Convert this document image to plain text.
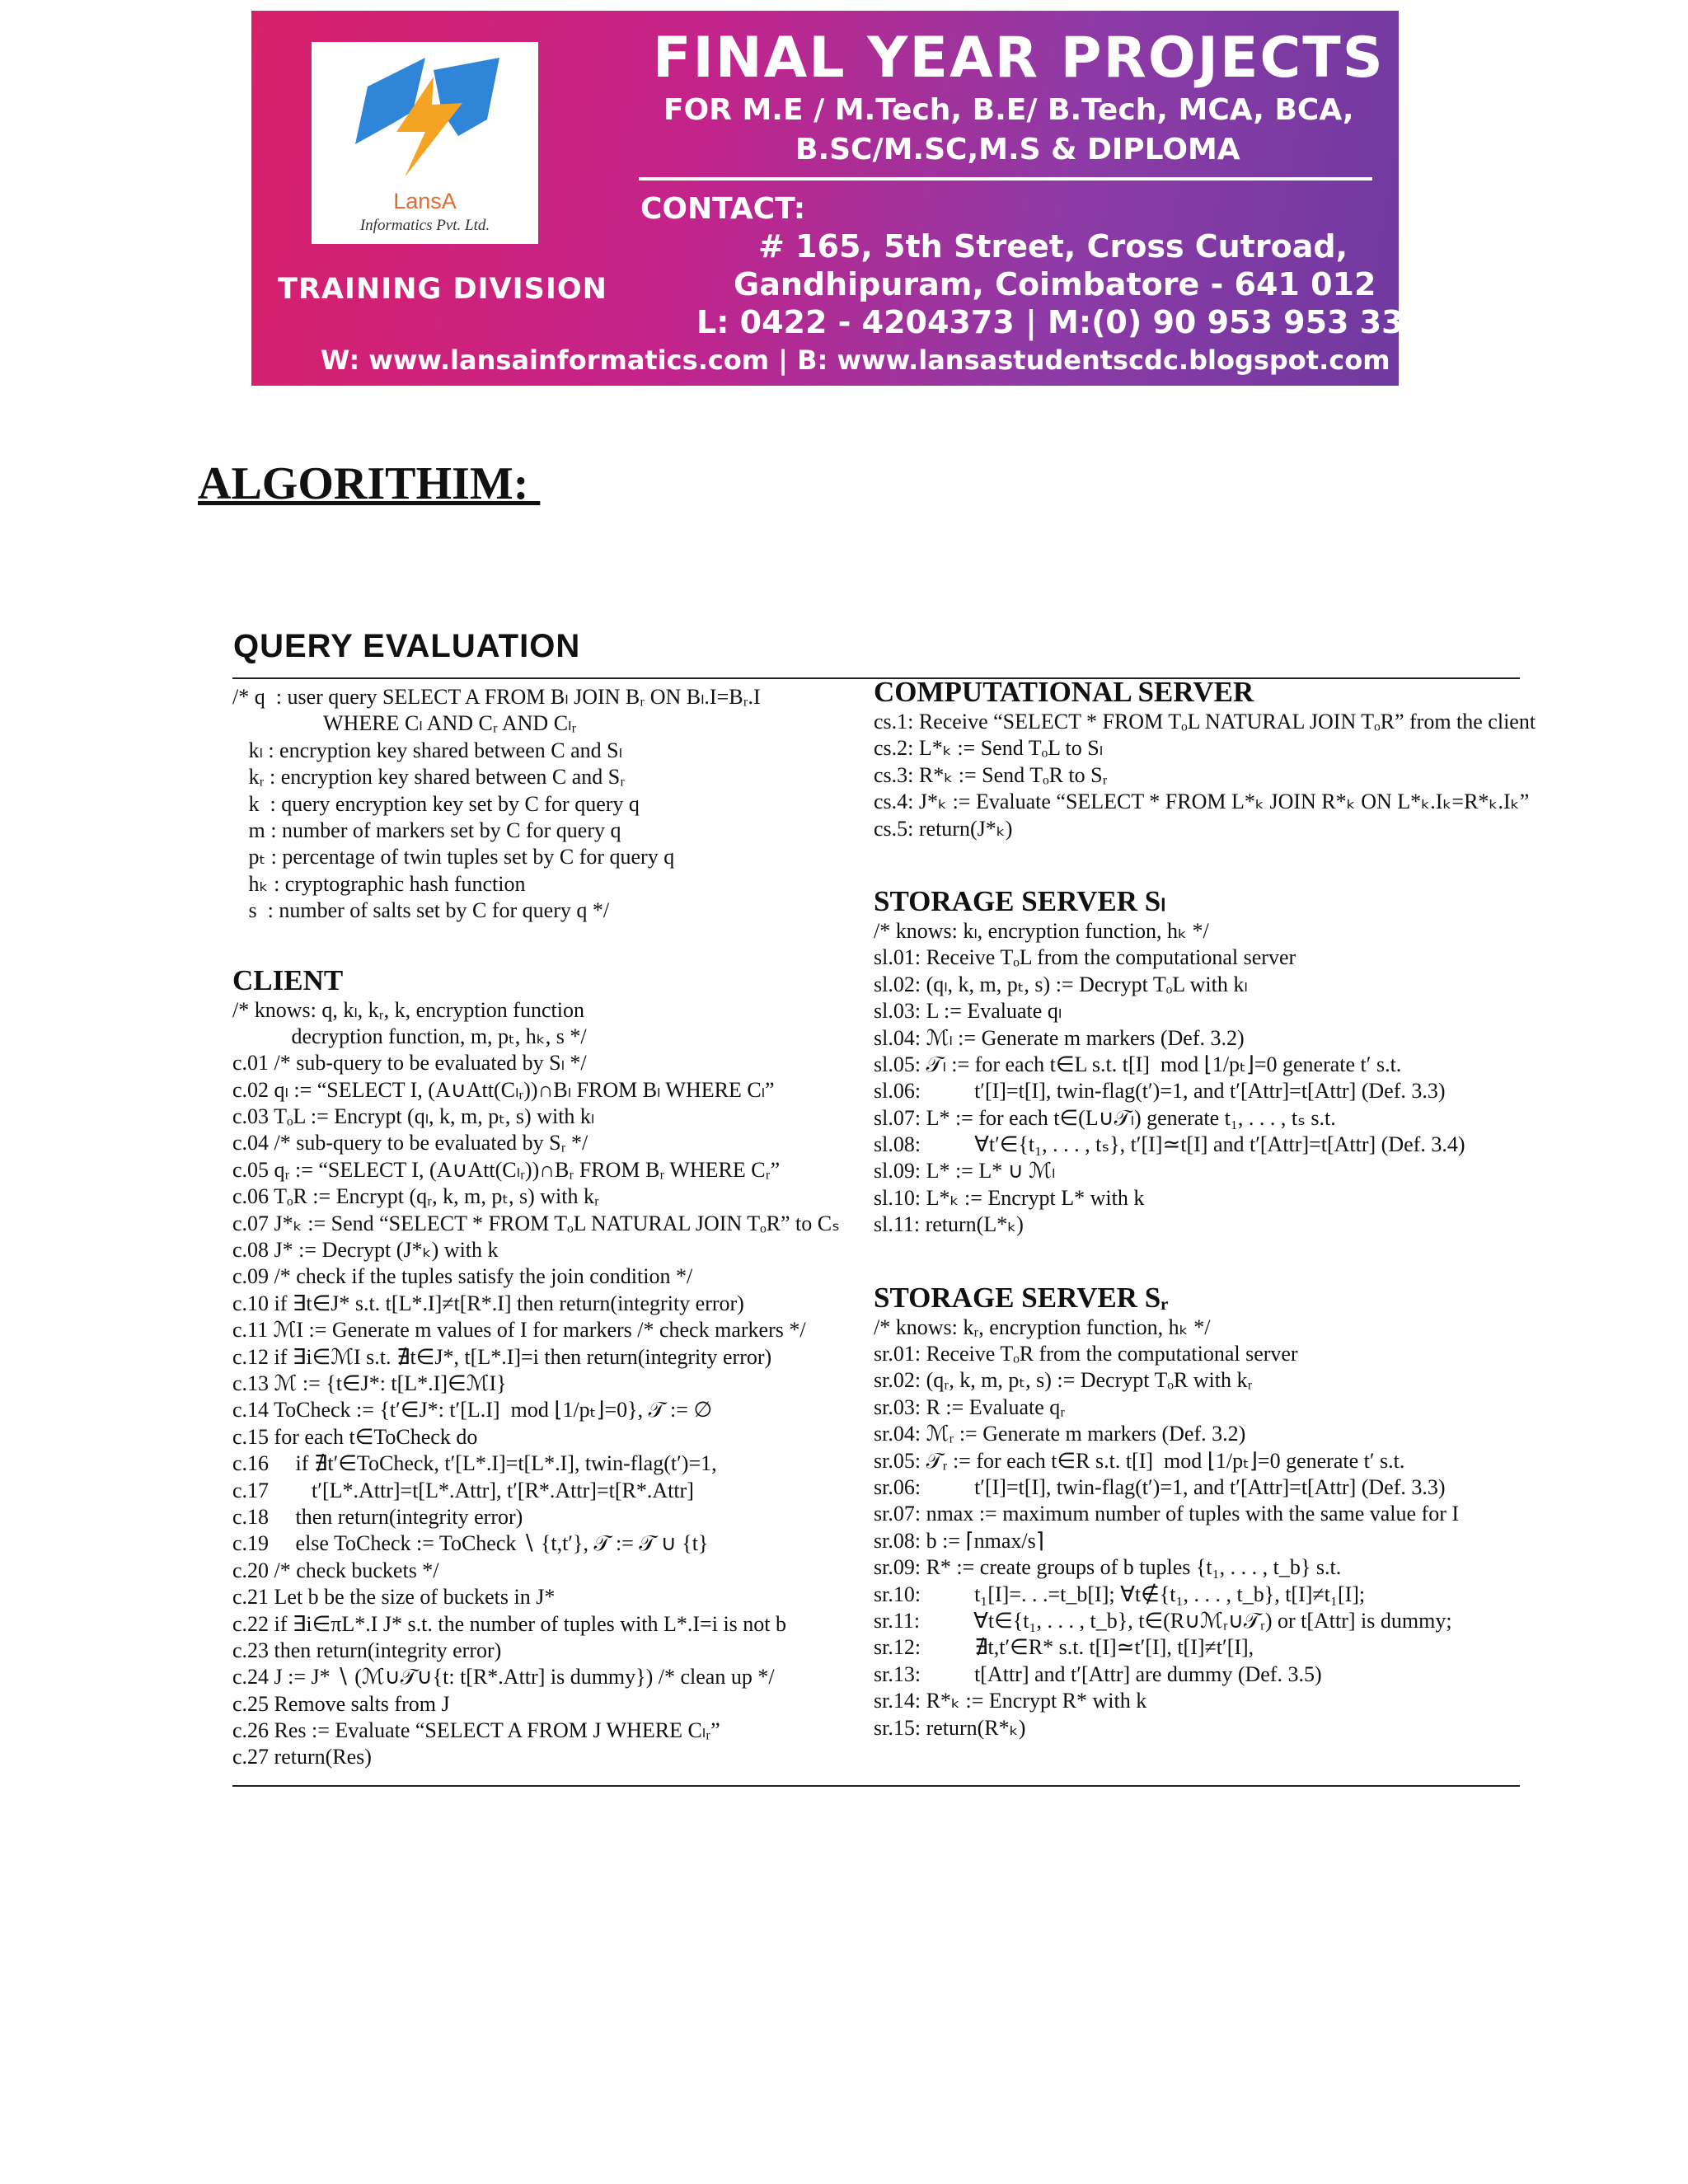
LansA
Informatics Pvt. Ltd.
TRAINING DIVISION
FINAL YEAR PROJECTS
FOR M.E / M.Tech, B.E/ B.Tech, MCA, BCA,
B.SC/M.SC,M.S & DIPLOMA
CONTACT:
# 165, 5th Street, Cross Cutroad,
Gandhipuram, Coimbatore - 641 012
L: 0422 - 4204373 | M:(0) 90 953 953 33
W: www.lansainformatics.com | B: www.lansastudentscdc.blogspot.com
ALGORITHIM:
QUERY EVALUATION
/* q  : user query SELECT A FROM Bₗ JOIN Bᵣ ON Bₗ.I=Bᵣ.I
WHERE Cₗ AND Cᵣ AND Cₗᵣ
kₗ : encryption key shared between C and Sₗ
kᵣ : encryption key shared between C and Sᵣ
k  : query encryption key set by C for query q
m : number of markers set by C for query q
pₜ : percentage of twin tuples set by C for query q
hₖ : cryptographic hash function
s  : number of salts set by C for query q */
CLIENT
/* knows: q, kₗ, kᵣ, k, encryption function
decryption function, m, pₜ, hₖ, s */
c.01 /* sub-query to be evaluated by Sₗ */
c.02 qₗ := “SELECT I, (A∪Att(Cₗᵣ))∩Bₗ FROM Bₗ WHERE Cₗ”
c.03 TₒL := Encrypt (qₗ, k, m, pₜ, s) with kₗ
c.04 /* sub-query to be evaluated by Sᵣ */
c.05 qᵣ := “SELECT I, (A∪Att(Cₗᵣ))∩Bᵣ FROM Bᵣ WHERE Cᵣ”
c.06 TₒR := Encrypt (qᵣ, k, m, pₜ, s) with kᵣ
c.07 J*ₖ := Send “SELECT * FROM TₒL NATURAL JOIN TₒR” to Cₛ
c.08 J* := Decrypt (J*ₖ) with k
c.09 /* check if the tuples satisfy the join condition */
c.10 if ∃t∈J* s.t. t[L*.I]≠t[R*.I] then return(integrity error)
c.11 ℳI := Generate m values of I for markers /* check markers */
c.12 if ∃i∈ℳI s.t. ∄t∈J*, t[L*.I]=i then return(integrity error)
c.13 ℳ := {t∈J*: t[L*.I]∈ℳI}
c.14 ToCheck := {t′∈J*: t′[L.I]  mod ⌊1/pₜ⌋=0}, 𝒯 := ∅
c.15 for each t∈ToCheck do
c.16     if ∄t′∈ToCheck, t′[L*.I]=t[L*.I], twin-flag(t′)=1,
c.17        t′[L*.Attr]=t[L*.Attr], t′[R*.Attr]=t[R*.Attr]
c.18     then return(integrity error)
c.19     else ToCheck := ToCheck ∖ {t,t′}, 𝒯 := 𝒯 ∪ {t}
c.20 /* check buckets */
c.21 Let b be the size of buckets in J*
c.22 if ∃i∈πL*.I J* s.t. the number of tuples with L*.I=i is not b
c.23 then return(integrity error)
c.24 J := J* ∖ (ℳ∪𝒯∪{t: t[R*.Attr] is dummy}) /* clean up */
c.25 Remove salts from J
c.26 Res := Evaluate “SELECT A FROM J WHERE Cₗᵣ”
c.27 return(Res)
COMPUTATIONAL SERVER
cs.1: Receive “SELECT * FROM TₒL NATURAL JOIN TₒR” from the client
cs.2: L*ₖ := Send TₒL to Sₗ
cs.3: R*ₖ := Send TₒR to Sᵣ
cs.4: J*ₖ := Evaluate “SELECT * FROM L*ₖ JOIN R*ₖ ON L*ₖ.Iₖ=R*ₖ.Iₖ”
cs.5: return(J*ₖ)
STORAGE SERVER Sₗ
/* knows: kₗ, encryption function, hₖ */
sl.01: Receive TₒL from the computational server
sl.02: (qₗ, k, m, pₜ, s) := Decrypt TₒL with kₗ
sl.03: L := Evaluate qₗ
sl.04: ℳₗ := Generate m markers (Def. 3.2)
sl.05: 𝒯ₗ := for each t∈L s.t. t[I]  mod ⌊1/pₜ⌋=0 generate t′ s.t.
sl.06:          t′[I]=t[I], twin-flag(t′)=1, and t′[Attr]=t[Attr] (Def. 3.3)
sl.07: L* := for each t∈(L∪𝒯ₗ) generate t₁, . . . , tₛ s.t.
sl.08:          ∀t′∈{t₁, . . . , tₛ}, t′[I]≃t[I] and t′[Attr]=t[Attr] (Def. 3.4)
sl.09: L* := L* ∪ ℳₗ
sl.10: L*ₖ := Encrypt L* with k
sl.11: return(L*ₖ)
STORAGE SERVER Sᵣ
/* knows: kᵣ, encryption function, hₖ */
sr.01: Receive TₒR from the computational server
sr.02: (qᵣ, k, m, pₜ, s) := Decrypt TₒR with kᵣ
sr.03: R := Evaluate qᵣ
sr.04: ℳᵣ := Generate m markers (Def. 3.2)
sr.05: 𝒯ᵣ := for each t∈R s.t. t[I]  mod ⌊1/pₜ⌋=0 generate t′ s.t.
sr.06:          t′[I]=t[I], twin-flag(t′)=1, and t′[Attr]=t[Attr] (Def. 3.3)
sr.07: nmax := maximum number of tuples with the same value for I
sr.08: b := ⌈nmax/s⌉
sr.09: R* := create groups of b tuples {t₁, . . . , t_b} s.t.
sr.10:          t₁[I]=. . .=t_b[I]; ∀t∉{t₁, . . . , t_b}, t[I]≠t₁[I];
sr.11:          ∀t∈{t₁, . . . , t_b}, t∈(R∪ℳᵣ∪𝒯ᵣ) or t[Attr] is dummy;
sr.12:          ∄t,t′∈R* s.t. t[I]≃t′[I], t[I]≠t′[I],
sr.13:          t[Attr] and t′[Attr] are dummy (Def. 3.5)
sr.14: R*ₖ := Encrypt R* with k
sr.15: return(R*ₖ)
